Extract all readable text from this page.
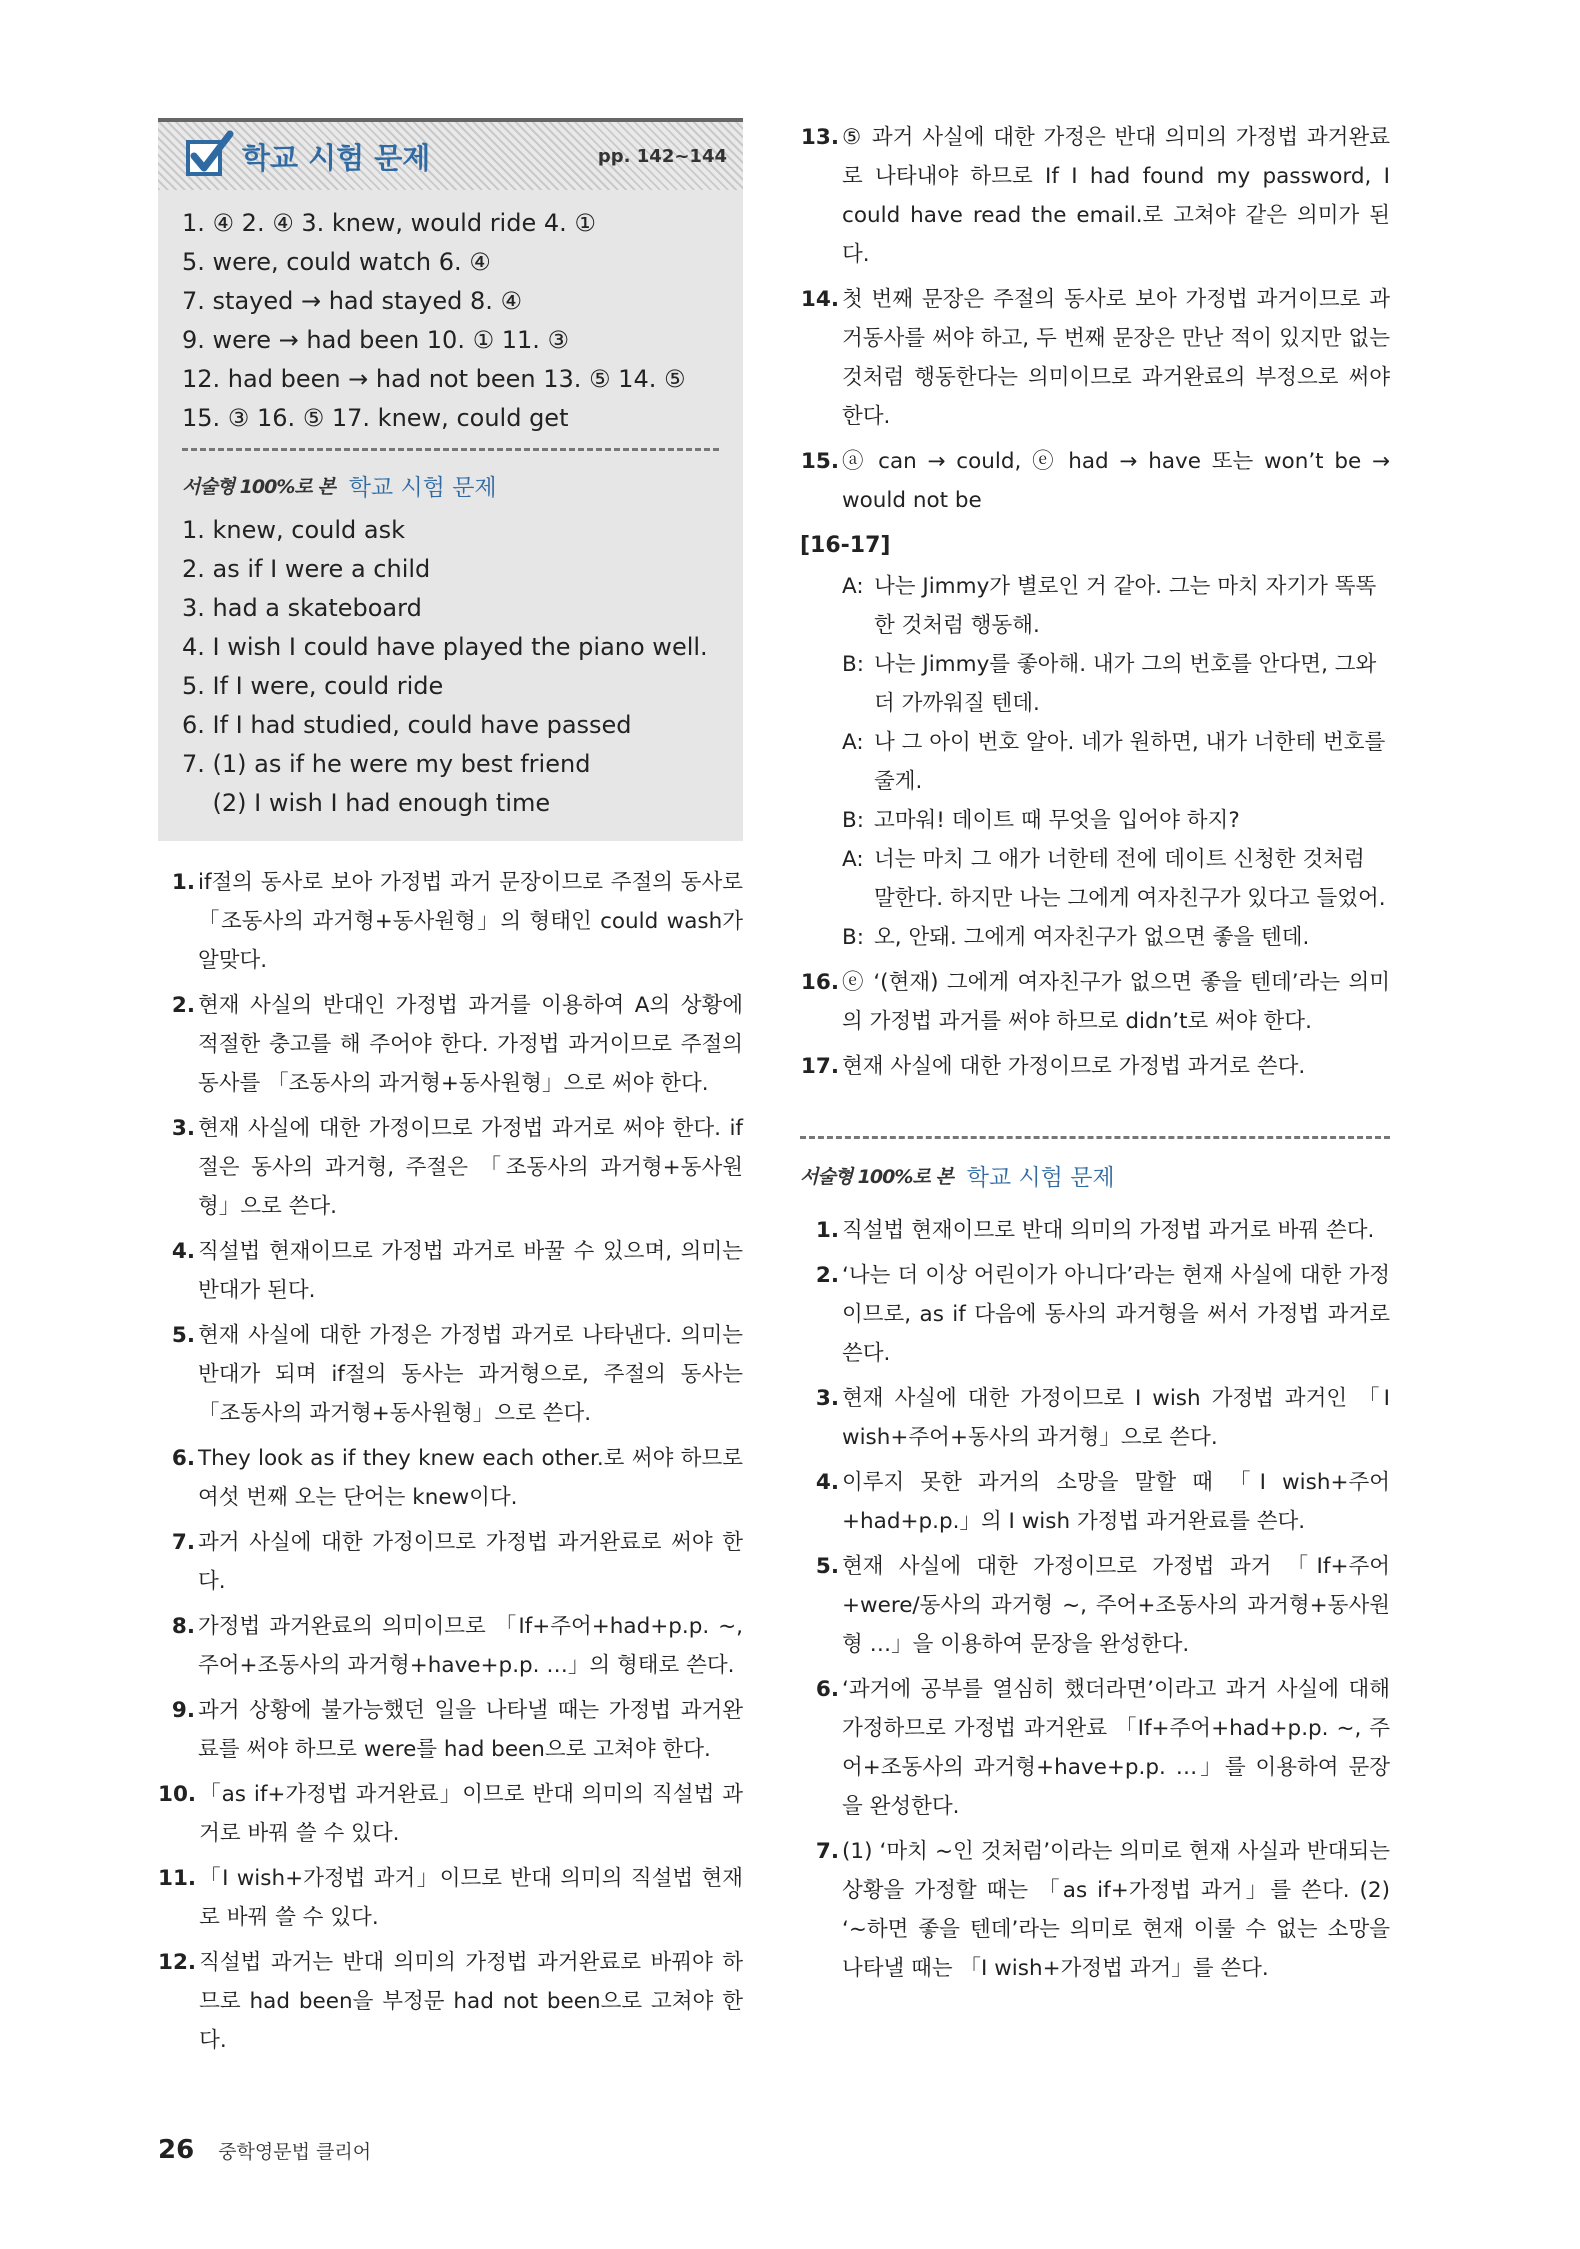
학교 시험 문제	pp. 142~144
1. ④ 2. ④ 3. knew, would ride 4. ①
5. were, could watch 6. ④
7. stayed → had stayed 8. ④
9. were → had been 10. ① 11. ③
12. had been → had not been 13. ⑤ 14. ⑤
15. ③ 16. ⑤ 17. knew, could get
서술형 100%로 본 학교 시험 문제
1. knew, could ask
2. as if I were a child
3. had a skateboard
4. I wish I could have played the piano well.
5. If I were, could ride
6. If I had studied, could have passed
7. (1) as if he were my best friend
(2) I wish I had enough time
1. if절의 동사로 보아 가정법 과거 문장이므로 주절의 동사로 「조동사의 과거형+동사원형」의 형태인 could wash가 알맞다.
2. 현재 사실의 반대인 가정법 과거를 이용하여 A의 상황에 적절한 충고를 해 주어야 한다. 가정법 과거이므로 주절의 동사를 「조동사의 과거형+동사원형」으로 써야 한다.
3. 현재 사실에 대한 가정이므로 가정법 과거로 써야 한다. if절은 동사의 과거형, 주절은 「조동사의 과거형+동사원형」으로 쓴다.
4. 직설법 현재이므로 가정법 과거로 바꿀 수 있으며, 의미는 반대가 된다.
5. 현재 사실에 대한 가정은 가정법 과거로 나타낸다. 의미는 반대가 되며 if절의 동사는 과거형으로, 주절의 동사는 「조동사의 과거형+동사원형」으로 쓴다.
6. They look as if they knew each other.로 써야 하므로 여섯 번째 오는 단어는 knew이다.
7. 과거 사실에 대한 가정이므로 가정법 과거완료로 써야 한다.
8. 가정법 과거완료의 의미이므로 「If+주어+had+p.p. ~, 주어+조동사의 과거형+have+p.p. …」의 형태로 쓴다.
9. 과거 상황에 불가능했던 일을 나타낼 때는 가정법 과거완료를 써야 하므로 were를 had been으로 고쳐야 한다.
10. 「as if+가정법 과거완료」이므로 반대 의미의 직설법 과거로 바꿔 쓸 수 있다.
11. 「I wish+가정법 과거」이므로 반대 의미의 직설법 현재로 바꿔 쓸 수 있다.
12. 직설법 과거는 반대 의미의 가정법 과거완료로 바꿔야 하므로 had been을 부정문 had not been으로 고쳐야 한다.
13. ⑤ 과거 사실에 대한 가정은 반대 의미의 가정법 과거완료로 나타내야 하므로 If I had found my password, I could have read the email.로 고쳐야 같은 의미가 된다.
14. 첫 번째 문장은 주절의 동사로 보아 가정법 과거이므로 과거동사를 써야 하고, 두 번째 문장은 만난 적이 있지만 없는 것처럼 행동한다는 의미이므로 과거완료의 부정으로 써야 한다.
15. ⓐ can → could, ⓔ had → have 또는 won’t be → would not be
[16-17]
A: 나는 Jimmy가 별로인 거 같아. 그는 마치 자기가 똑똑한 것처럼 행동해.
B: 나는 Jimmy를 좋아해. 내가 그의 번호를 안다면, 그와 더 가까워질 텐데.
A: 나 그 아이 번호 알아. 네가 원하면, 내가 너한테 번호를 줄게.
B: 고마워! 데이트 때 무엇을 입어야 하지?
A: 너는 마치 그 애가 너한테 전에 데이트 신청한 것처럼 말한다. 하지만 나는 그에게 여자친구가 있다고 들었어.
B: 오, 안돼. 그에게 여자친구가 없으면 좋을 텐데.
16. ⓔ ‘(현재) 그에게 여자친구가 없으면 좋을 텐데’라는 의미의 가정법 과거를 써야 하므로 didn’t로 써야 한다.
17. 현재 사실에 대한 가정이므로 가정법 과거로 쓴다.
서술형 100%로 본 학교 시험 문제
1. 직설법 현재이므로 반대 의미의 가정법 과거로 바꿔 쓴다.
2. ‘나는 더 이상 어린이가 아니다’라는 현재 사실에 대한 가정이므로, as if 다음에 동사의 과거형을 써서 가정법 과거로 쓴다.
3. 현재 사실에 대한 가정이므로 I wish 가정법 과거인 「I wish+주어+동사의 과거형」으로 쓴다.
4. 이루지 못한 과거의 소망을 말할 때 「I wish+주어+had+p.p.」의 I wish 가정법 과거완료를 쓴다.
5. 현재 사실에 대한 가정이므로 가정법 과거 「If+주어+were/동사의 과거형 ~, 주어+조동사의 과거형+동사원형 …」을 이용하여 문장을 완성한다.
6. ‘과거에 공부를 열심히 했더라면’이라고 과거 사실에 대해 가정하므로 가정법 과거완료 「If+주어+had+p.p. ~, 주어+조동사의 과거형+have+p.p. …」를 이용하여 문장을 완성한다.
7. (1) ‘마치 ~인 것처럼’이라는 의미로 현재 사실과 반대되는 상황을 가정할 때는 「as if+가정법 과거」를 쓴다. (2) ‘~하면 좋을 텐데’라는 의미로 현재 이룰 수 없는 소망을 나타낼 때는 「I wish+가정법 과거」를 쓴다.
26 중학영문법 클리어
